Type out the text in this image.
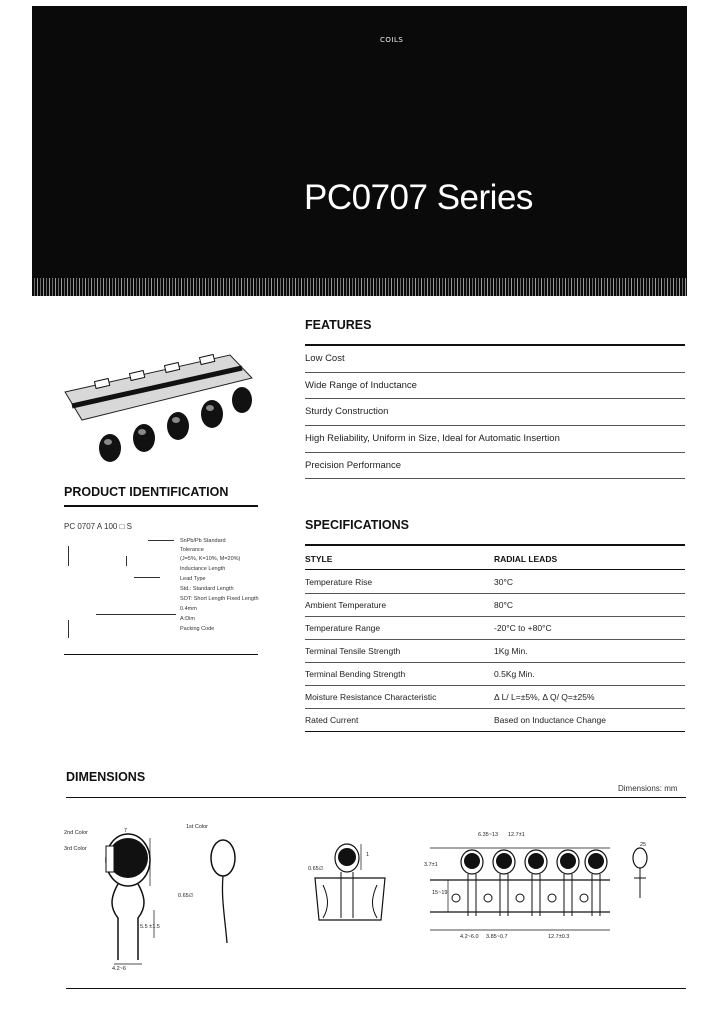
COILS
PC0707 Series
FEATURES
Low Cost
Wide Range of Inductance
Sturdy Construction
High Reliability, Uniform in Size, Ideal for Automatic Insertion
Precision Performance
PRODUCT IDENTIFICATION
PC 0707 A 100 □ S
SnPb/Pb Standard
Tolerance
(J=5%, K=10%, M=20%)
Inductance Length
Lead Type
Std.: Standard Length
SOT: Short Length Fixed Length
0.4mm
A:Dim
Packing Code
SPECIFICATIONS
STYLE	RADIAL LEADS
Temperature Rise	30°C
Ambient Temperature	80°C
Temperature Range	-20°C to +80°C
Terminal Tensile Strength	1Kg Min.
Terminal Bending Strength	0.5Kg Min.
Moisture Resistance Characteristic	Δ L/ L=±5%, Δ Q/ Q=±25%
Rated Current	Based on Inductance Change
DIMENSIONS
Dimensions: mm
2nd Color
3rd Color
1st Color
7
0.65∅
5.5 ±1.5
4.2~6
0.65∅
1
6.35~13 12.7±1
3.7±1
15~19
4.2~6.0 3.85~0.7	12.7±0.3
25
